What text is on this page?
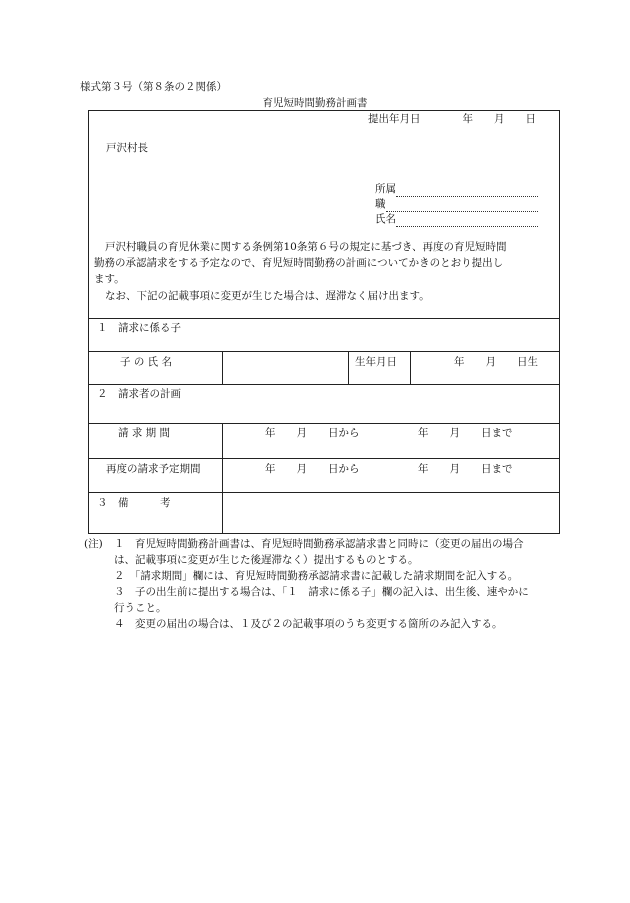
様式第３号（第８条の２関係）
育児短時間勤務計画書
提出年月日　　　　年　　月　　日
戸沢村長
所属
職
氏名
戸沢村職員の育児休業に関する条例第10条第６号の規定に基づき、再度の育児短時間
勤務の承認請求をする予定なので、育児短時間勤務の計画についてかきのとおり提出し
ます。
なお、下記の記載事項に変更が生じた場合は、遅滞なく届け出ます。
１　請求に係る子
子 の 氏 名	生年月日	年　　月　　日生
２　請求者の計画
請 求 期 間	年　　月　　日から	年　　月　　日まで
再度の請求予定期間	年　　月　　日から	年　　月　　日まで
３　備　　　考
(注) １　育児短時間勤務計画書は、育児短時間勤務承認請求書と同時に（変更の届出の場合
は、記載事項に変更が生じた後遅滞なく）提出するものとする。
２　「請求期間」欄には、育児短時間勤務承認請求書に記載した請求期間を記入する。
３　子の出生前に提出する場合は、「１　請求に係る子」欄の記入は、出生後、速やかに
行うこと。
４　変更の届出の場合は、１及び２の記載事項のうち変更する箇所のみ記入する。
